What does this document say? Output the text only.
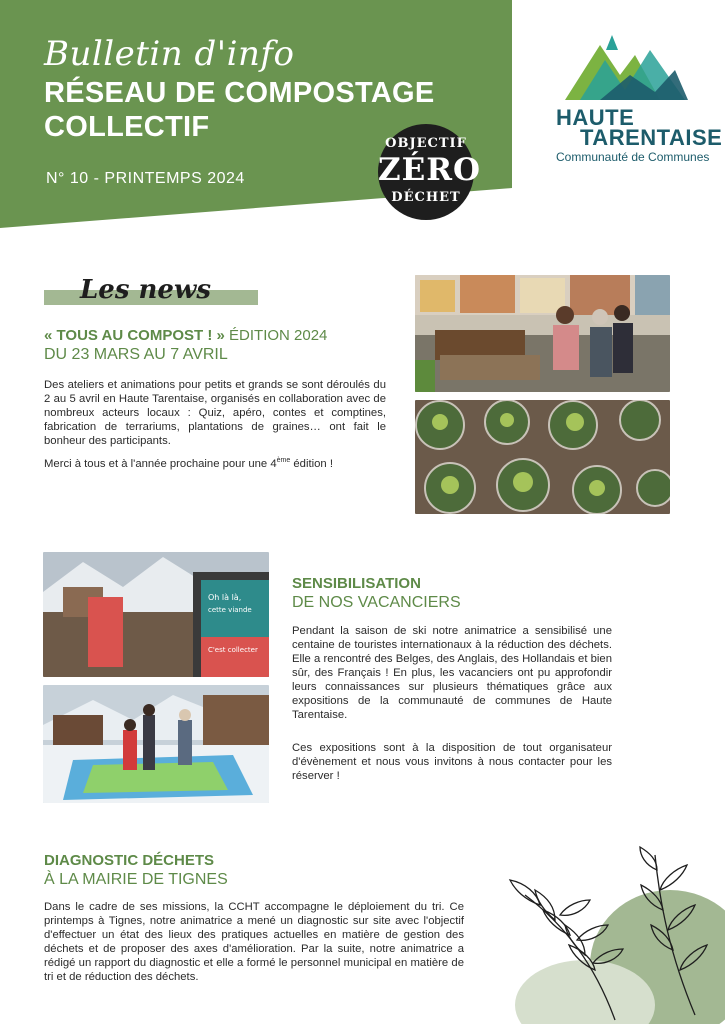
Bulletin d'info
RÉSEAU DE COMPOSTAGE COLLECTIF
N° 10 - PRINTEMPS 2024
OBJECTIF
ZÉRO
DÉCHET
HAUTE
TARENTAISE
Communauté de Communes
Les news
« TOUS AU COMPOST ! » ÉDITION 2024
DU 23 MARS AU 7 AVRIL
Des ateliers et animations pour petits et grands se sont déroulés du 2 au 5 avril en Haute Tarentaise, organisés en collaboration avec de nombreux acteurs locaux : Quiz, apéro, contes et comptines, fabrication de terrariums, plantations de graines… ont fait le bonheur des participants.
Merci à tous et à l'année prochaine pour une 4ème édition !
Oh là là,
cette viande
C'est collecter
SENSIBILISATION
DE NOS VACANCIERS
Pendant la saison de ski notre animatrice a sensibilisé une centaine de touristes internationaux à la réduction des déchets. Elle a rencontré des Belges, des Anglais, des Hollandais et bien sûr, des Français ! En plus, les vacanciers ont pu approfondir leurs connaissances sur plusieurs thématiques grâce aux expositions de la communauté de communes de Haute Tarentaise.
Ces expositions sont à la disposition de tout organisateur d'évènement et nous vous invitons à nous contacter pour les réserver !
DIAGNOSTIC DÉCHETS
À LA MAIRIE DE TIGNES
Dans le cadre de ses missions, la CCHT accompagne le déploiement du tri. Ce printemps à Tignes, notre animatrice a mené un diagnostic sur site avec l'objectif d'effectuer un état des lieux des pratiques actuelles en matière de gestion des déchets et de proposer des axes d'amélioration. Par la suite, notre animatrice a rédigé un rapport du diagnostic et elle a formé le personnel municipal en matière de tri et de réduction des déchets.
